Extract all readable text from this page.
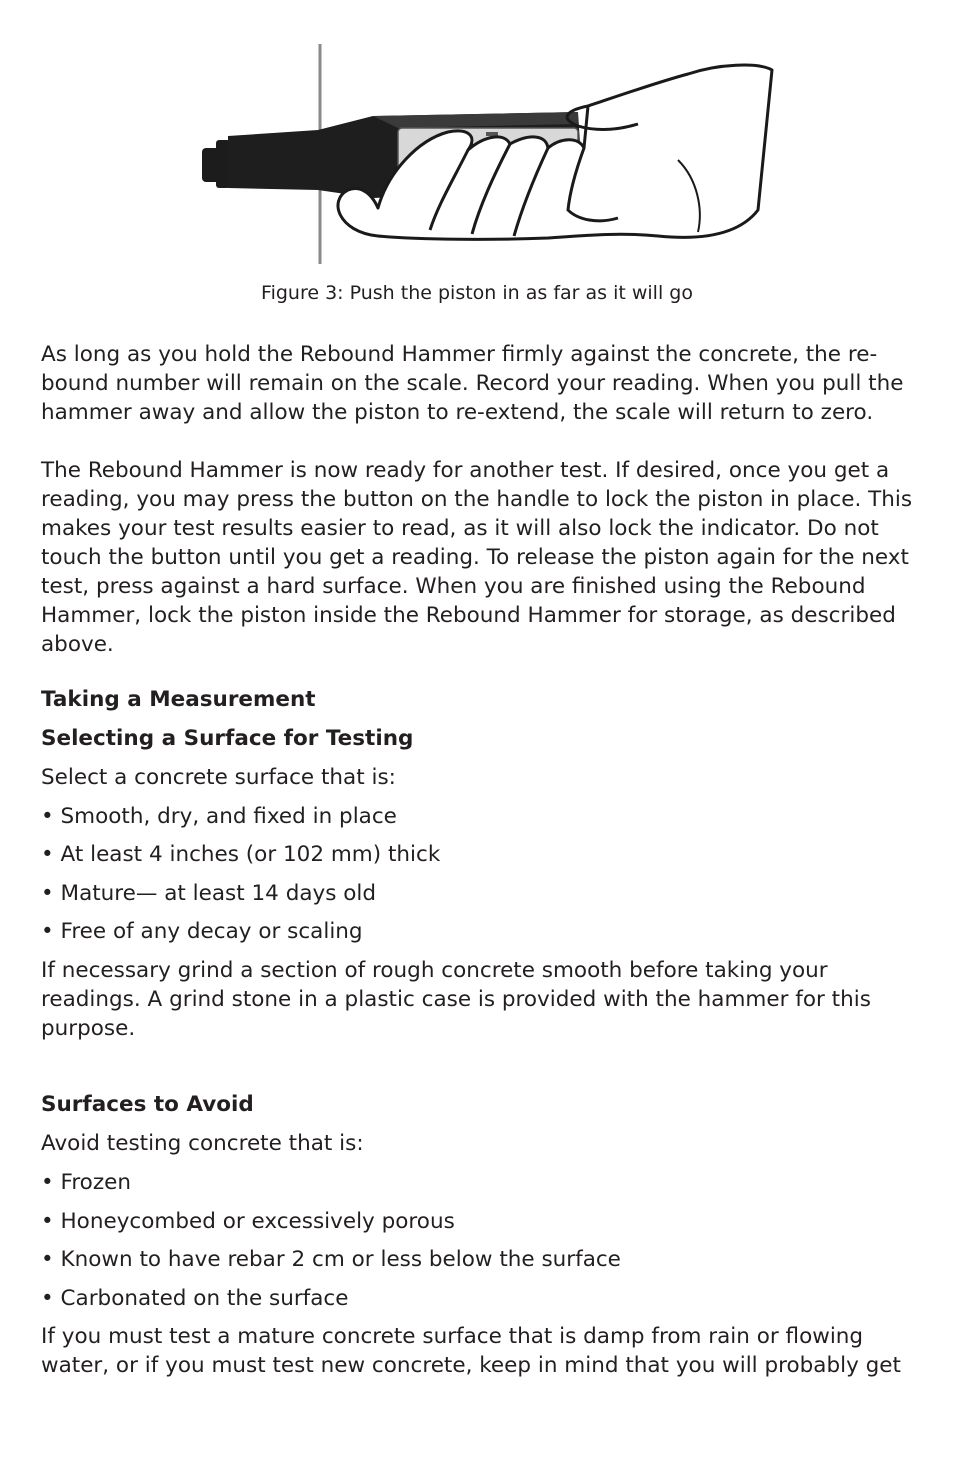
Figure 3: Push the piston in as far as it will go
As long as you hold the Rebound Hammer firmly against the concrete, the re-bound number will remain on the scale. Record your reading. When you pull the hammer away and allow the piston to re-extend, the scale will return to zero.
The Rebound Hammer is now ready for another test. If desired, once you get a reading, you may press the button on the handle to lock the piston in place. This makes your test results easier to read, as it will also lock the indicator. Do not touch the button until you get a reading. To release the piston again for the next test, press against a hard surface. When you are finished using the Rebound Hammer, lock the piston inside the Rebound Hammer for storage, as described above.
Taking a Measurement
Selecting a Surface for Testing
Select a concrete surface that is:
• Smooth, dry, and fixed in place
• At least 4 inches (or 102 mm) thick
• Mature— at least 14 days old
• Free of any decay or scaling
If necessary grind a section of rough concrete smooth before taking your readings. A grind stone in a plastic case is provided with the hammer for this purpose.
Surfaces to Avoid
Avoid testing concrete that is:
• Frozen
• Honeycombed or excessively porous
• Known to have rebar 2 cm or less below the surface
• Carbonated on the surface
If you must test a mature concrete surface that is damp from rain or flowing water, or if you must test new concrete, keep in mind that you will probably get
